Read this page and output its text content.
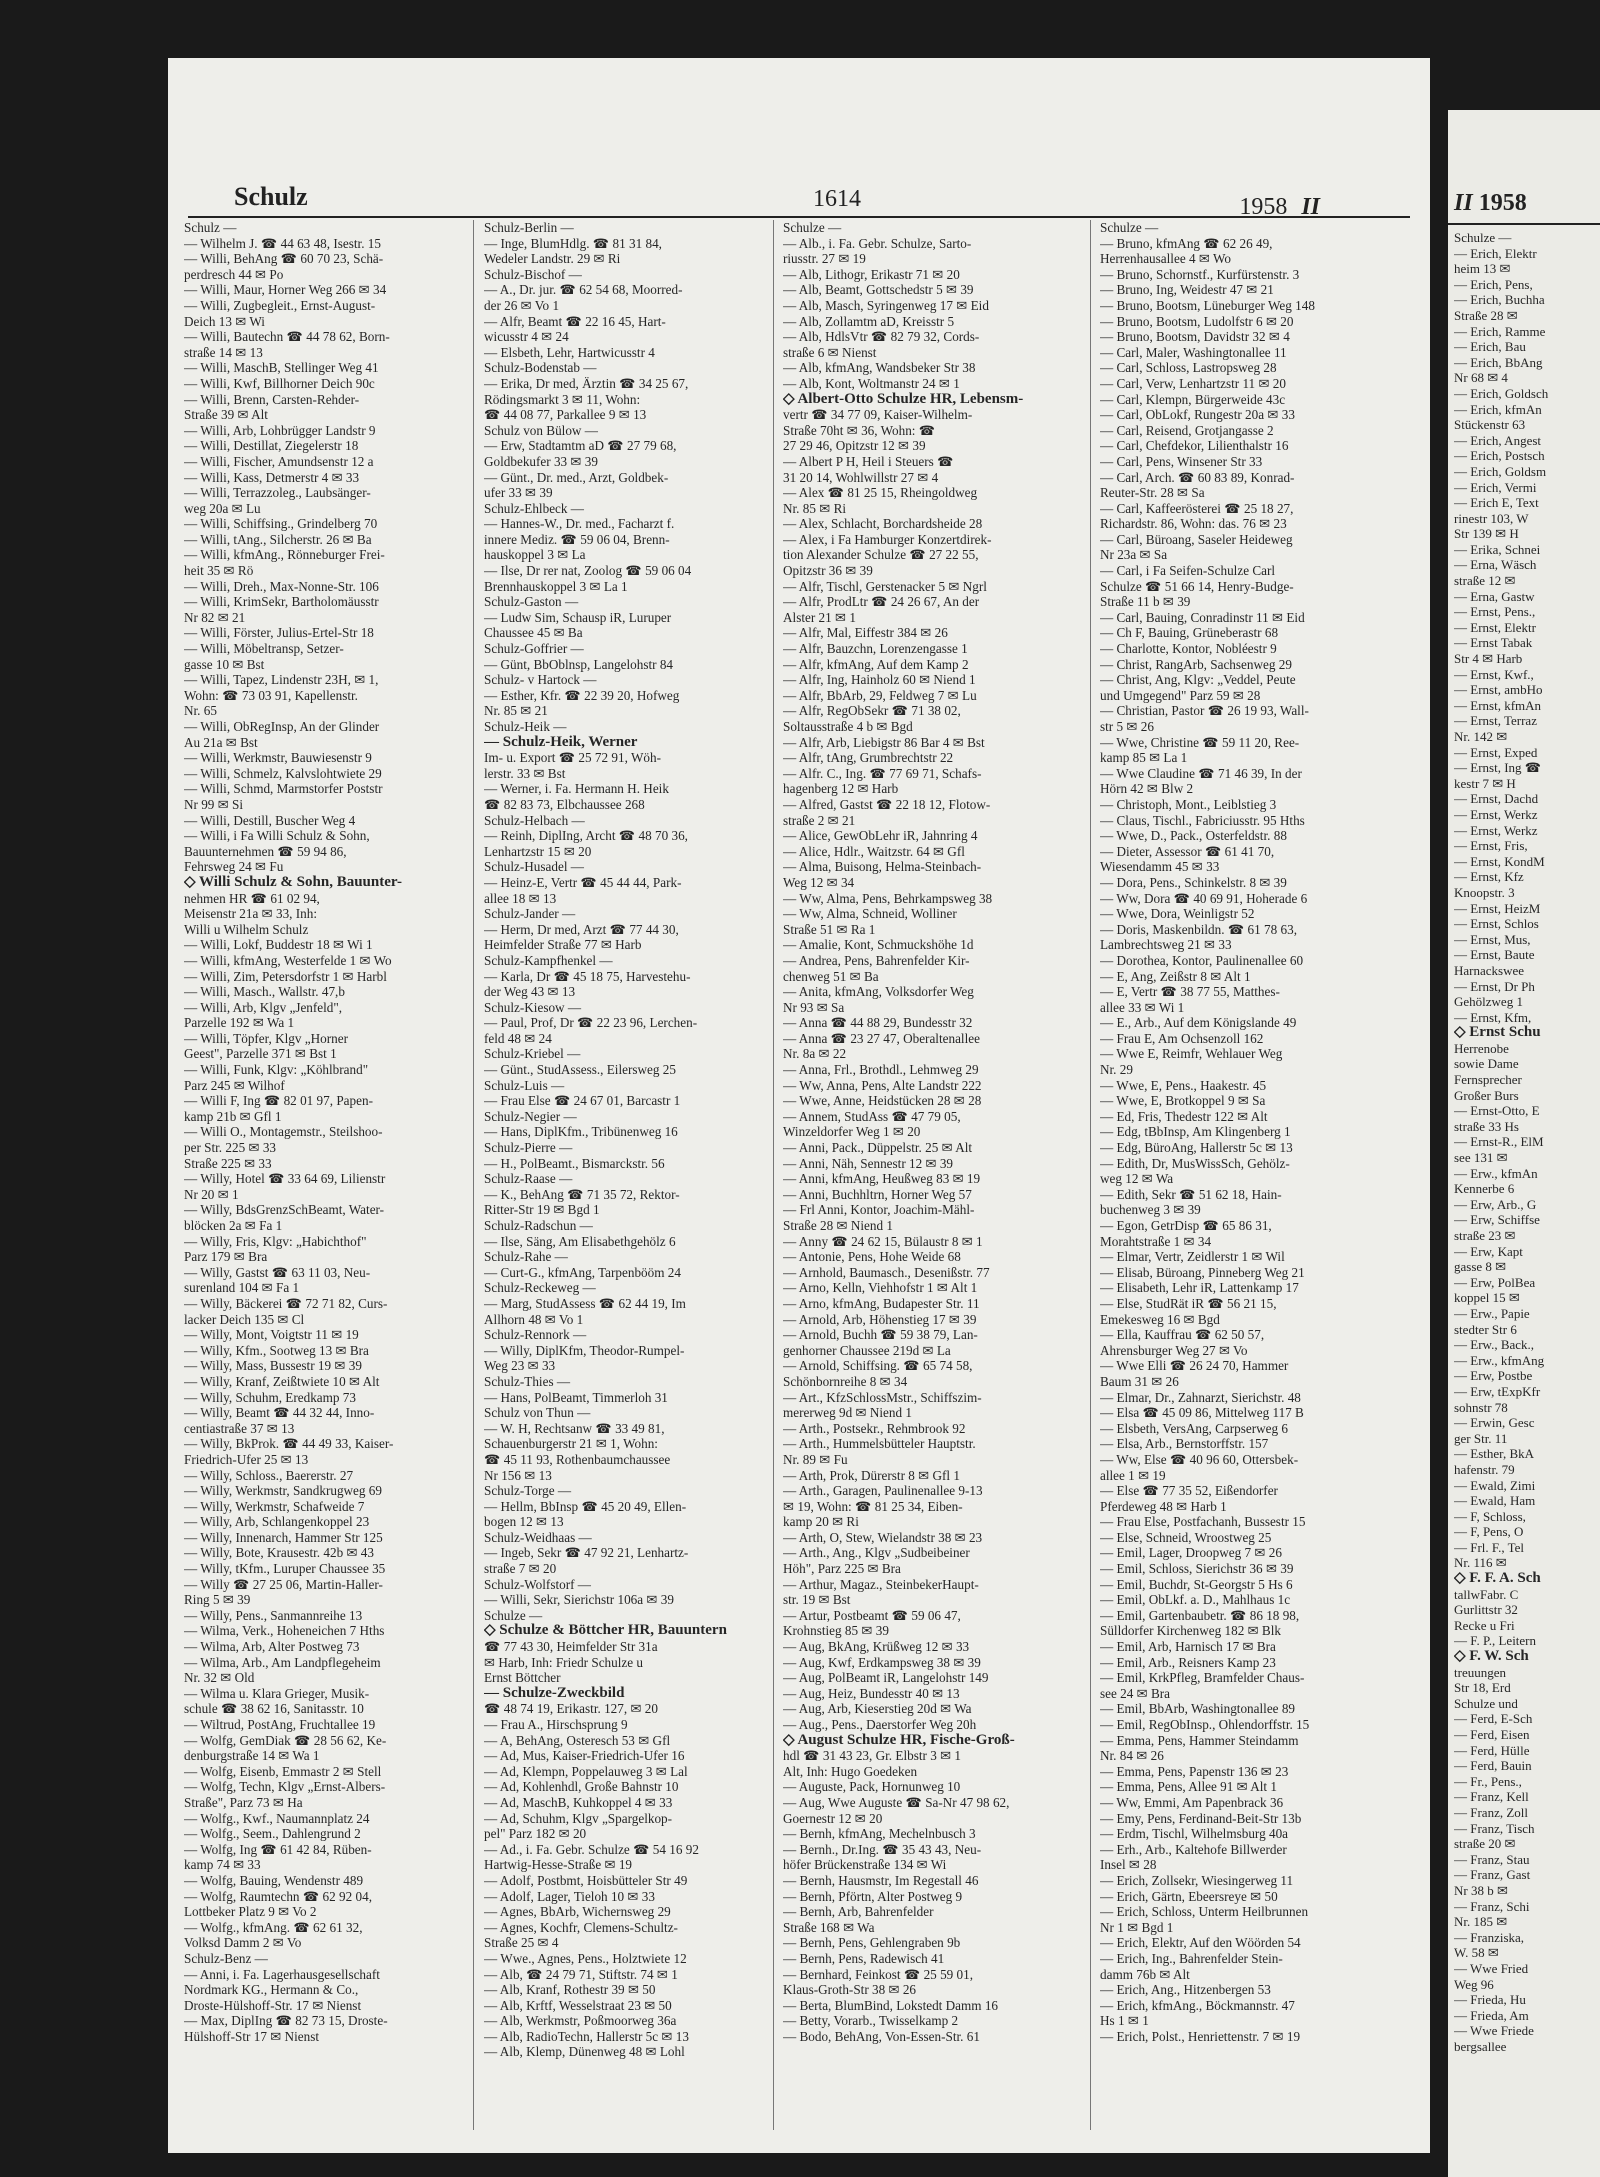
Schulz	1614	1958 II
Schulz —
— Wilhelm J. ☎ 44 63 48, Isestr. 15
— Willi, BehAng ☎ 60 70 23, Schä-
perdresch 44 ✉ Po
— Willi, Maur, Horner Weg 266 ✉ 34
— Willi, Zugbegleit., Ernst-August-
Deich 13 ✉ Wi
— Willi, Bautechn ☎ 44 78 62, Born-
straße 14 ✉ 13
— Willi, MaschB, Stellinger Weg 41
— Willi, Kwf, Billhorner Deich 90c
— Willi, Brenn, Carsten-Rehder-
Straße 39 ✉ Alt
— Willi, Arb, Lohbrügger Landstr 9
— Willi, Destillat, Ziegelerstr 18
— Willi, Fischer, Amundsenstr 12 a
— Willi, Kass, Detmerstr 4 ✉ 33
— Willi, Terrazzoleg., Laubsänger-
weg 20a ✉ Lu
— Willi, Schiffsing., Grindelberg 70
— Willi, tAng., Silcherstr. 26 ✉ Ba
— Willi, kfmAng., Rönneburger Frei-
heit 35 ✉ Rö
— Willi, Dreh., Max-Nonne-Str. 106
— Willi, KrimSekr, Bartholomäusstr
Nr 82 ✉ 21
— Willi, Förster, Julius-Ertel-Str 18
— Willi, Möbeltransp, Setzer-
gasse 10 ✉ Bst
— Willi, Tapez, Lindenstr 23H, ✉ 1,
Wohn: ☎ 73 03 91, Kapellenstr.
Nr. 65
— Willi, ObRegInsp, An der Glinder
Au 21a ✉ Bst
— Willi, Werkmstr, Bauwiesenstr 9
— Willi, Schmelz, Kalvslohtwiete 29
— Willi, Schmd, Marmstorfer Poststr
Nr 99 ✉ Si
— Willi, Destill, Buscher Weg 4
— Willi, i Fa Willi Schulz & Sohn,
Bauunternehmen ☎ 59 94 86,
Fehrsweg 24 ✉ Fu
◇ Willi Schulz & Sohn, Bauunter-
nehmen HR ☎ 61 02 94,
Meisenstr 21a ✉ 33, Inh:
Willi u Wilhelm Schulz
— Willi, Lokf, Buddestr 18 ✉ Wi 1
— Willi, kfmAng, Westerfelde 1 ✉ Wo
— Willi, Zim, Petersdorfstr 1 ✉ Harbl
— Willi, Masch., Wallstr. 47,b
— Willi, Arb, Klgv „Jenfeld",
Parzelle 192 ✉ Wa 1
— Willi, Töpfer, Klgv „Horner
Geest", Parzelle 371 ✉ Bst 1
— Willi, Funk, Klgv: „Köhlbrand"
Parz 245 ✉ Wilhof
— Willi F, Ing ☎ 82 01 97, Papen-
kamp 21b ✉ Gfl 1
— Willi O., Montagemstr., Steilshoo-
per Str. 225 ✉ 33
Straße 225 ✉ 33
— Willy, Hotel ☎ 33 64 69, Lilienstr
Nr 20 ✉ 1
— Willy, BdsGrenzSchBeamt, Water-
blöcken 2a ✉ Fa 1
— Willy, Fris, Klgv: „Habichthof"
Parz 179 ✉ Bra
— Willy, Gastst ☎ 63 11 03, Neu-
surenland 104 ✉ Fa 1
— Willy, Bäckerei ☎ 72 71 82, Curs-
lacker Deich 135 ✉ Cl
— Willy, Mont, Voigtstr 11 ✉ 19
— Willy, Kfm., Sootweg 13 ✉ Bra
— Willy, Mass, Bussestr 19 ✉ 39
— Willy, Kranf, Zeißtwiete 10 ✉ Alt
— Willy, Schuhm, Eredkamp 73
— Willy, Beamt ☎ 44 32 44, Inno-
centiastraße 37 ✉ 13
— Willy, BkProk. ☎ 44 49 33, Kaiser-
Friedrich-Ufer 25 ✉ 13
— Willy, Schloss., Baererstr. 27
— Willy, Werkmstr, Sandkrugweg 69
— Willy, Werkmstr, Schafweide 7
— Willy, Arb, Schlangenkoppel 23
— Willy, Innenarch, Hammer Str 125
— Willy, Bote, Krausestr. 42b ✉ 43
— Willy, tKfm., Luruper Chaussee 35
— Willy ☎ 27 25 06, Martin-Haller-
Ring 5 ✉ 39
— Willy, Pens., Sanmannreihe 13
— Wilma, Verk., Hoheneichen 7 Hths
— Wilma, Arb, Alter Postweg 73
— Wilma, Arb., Am Landpflegeheim
Nr. 32 ✉ Old
— Wilma u. Klara Grieger, Musik-
schule ☎ 38 62 16, Sanitasstr. 10
— Wiltrud, PostAng, Fruchtallee 19
— Wolfg, GemDiak ☎ 28 56 62, Ke-
denburgstraße 14 ✉ Wa 1
— Wolfg, Eisenb, Emmastr 2 ✉ Stell
— Wolfg, Techn, Klgv „Ernst-Albers-
Straße", Parz 73 ✉ Ha
— Wolfg., Kwf., Naumannplatz 24
— Wolfg., Seem., Dahlengrund 2
— Wolfg, Ing ☎ 61 42 84, Rüben-
kamp 74 ✉ 33
— Wolfg, Bauing, Wendenstr 489
— Wolfg, Raumtechn ☎ 62 92 04,
Lottbeker Platz 9 ✉ Vo 2
— Wolfg., kfmAng. ☎ 62 61 32,
Volksd Damm 2 ✉ Vo
Schulz-Benz —
— Anni, i. Fa. Lagerhausgesellschaft
Nordmark KG., Hermann & Co.,
Droste-Hülshoff-Str. 17 ✉ Nienst
— Max, DiplIng ☎ 82 73 15, Droste-
Hülshoff-Str 17 ✉ Nienst
Schulz-Berlin —
— Inge, BlumHdlg. ☎ 81 31 84,
Wedeler Landstr. 29 ✉ Ri
Schulz-Bischof —
— A., Dr. jur. ☎ 62 54 68, Moorred-
der 26 ✉ Vo 1
— Alfr, Beamt ☎ 22 16 45, Hart-
wicusstr 4 ✉ 24
— Elsbeth, Lehr, Hartwicusstr 4
Schulz-Bodenstab —
— Erika, Dr med, Ärztin ☎ 34 25 67,
Rödingsmarkt 3 ✉ 11, Wohn:
☎ 44 08 77, Parkallee 9 ✉ 13
Schulz von Bülow —
— Erw, Stadtamtm aD ☎ 27 79 68,
Goldbekufer 33 ✉ 39
— Günt., Dr. med., Arzt, Goldbek-
ufer 33 ✉ 39
Schulz-Ehlbeck —
— Hannes-W., Dr. med., Facharzt f.
innere Mediz. ☎ 59 06 04, Brenn-
hauskoppel 3 ✉ La
— Ilse, Dr rer nat, Zoolog ☎ 59 06 04
Brennhauskoppel 3 ✉ La 1
Schulz-Gaston —
— Ludw Sim, Schausp iR, Luruper
Chaussee 45 ✉ Ba
Schulz-Goffrier —
— Günt, BbOblnsp, Langelohstr 84
Schulz- v Hartock —
— Esther, Kfr. ☎ 22 39 20, Hofweg
Nr. 85 ✉ 21
Schulz-Heik —
— Schulz-Heik, Werner
Im- u. Export ☎ 25 72 91, Wöh-
lerstr. 33 ✉ Bst
— Werner, i. Fa. Hermann H. Heik
☎ 82 83 73, Elbchaussee 268
Schulz-Helbach —
— Reinh, DiplIng, Archt ☎ 48 70 36,
Lenhartzstr 15 ✉ 20
Schulz-Husadel —
— Heinz-E, Vertr ☎ 45 44 44, Park-
allee 18 ✉ 13
Schulz-Jander —
— Herm, Dr med, Arzt ☎ 77 44 30,
Heimfelder Straße 77 ✉ Harb
Schulz-Kampfhenkel —
— Karla, Dr ☎ 45 18 75, Harvestehu-
der Weg 43 ✉ 13
Schulz-Kiesow —
— Paul, Prof, Dr ☎ 22 23 96, Lerchen-
feld 48 ✉ 24
Schulz-Kriebel —
— Günt., StudAssess., Eilersweg 25
Schulz-Luis —
— Frau Else ☎ 24 67 01, Barcastr 1
Schulz-Negier —
— Hans, DiplKfm., Tribünenweg 16
Schulz-Pierre —
— H., PolBeamt., Bismarckstr. 56
Schulz-Raase —
— K., BehAng ☎ 71 35 72, Rektor-
Ritter-Str 19 ✉ Bgd 1
Schulz-Radschun —
— Ilse, Säng, Am Elisabethgehölz 6
Schulz-Rahe —
— Curt-G., kfmAng, Tarpenbööm 24
Schulz-Reckeweg —
— Marg, StudAssess ☎ 62 44 19, Im
Allhorn 48 ✉ Vo 1
Schulz-Rennork —
— Willy, DiplKfm, Theodor-Rumpel-
Weg 23 ✉ 33
Schulz-Thies —
— Hans, PolBeamt, Timmerloh 31
Schulz von Thun —
— W. H, Rechtsanw ☎ 33 49 81,
Schauenburgerstr 21 ✉ 1, Wohn:
☎ 45 11 93, Rothenbaumchaussee
Nr 156 ✉ 13
Schulz-Torge —
— Hellm, BbInsp ☎ 45 20 49, Ellen-
bogen 12 ✉ 13
Schulz-Weidhaas —
— Ingeb, Sekr ☎ 47 92 21, Lenhartz-
straße 7 ✉ 20
Schulz-Wolfstorf —
— Willi, Sekr, Sierichstr 106a ✉ 39
Schulze —
◇ Schulze & Böttcher HR, Bauuntern
☎ 77 43 30, Heimfelder Str 31a
✉ Harb, Inh: Friedr Schulze u
Ernst Böttcher
— Schulze-Zweckbild
☎ 48 74 19, Erikastr. 127, ✉ 20
— Frau A., Hirschsprung 9
— A, BehAng, Osteresch 53 ✉ Gfl
— Ad, Mus, Kaiser-Friedrich-Ufer 16
— Ad, Klempn, Poppelauweg 3 ✉ Lal
— Ad, Kohlenhdl, Große Bahnstr 10
— Ad, MaschB, Kuhkoppel 4 ✉ 33
— Ad, Schuhm, Klgv „Spargelkop-
pel" Parz 182 ✉ 20
— Ad., i. Fa. Gebr. Schulze ☎ 54 16 92
Hartwig-Hesse-Straße ✉ 19
— Adolf, Postbmt, Hoisbütteler Str 49
— Adolf, Lager, Tieloh 10 ✉ 33
— Agnes, BbArb, Wichernsweg 29
— Agnes, Kochfr, Clemens-Schultz-
Straße 25 ✉ 4
— Wwe., Agnes, Pens., Holztwiete 12
— Alb, ☎ 24 79 71, Stiftstr. 74 ✉ 1
— Alb, Kranf, Rothestr 39 ✉ 50
— Alb, Krftf, Wesselstraat 23 ✉ 50
— Alb, Werkmstr, Poßmoorweg 36a
— Alb, RadioTechn, Hallerstr 5c ✉ 13
— Alb, Klemp, Dünenweg 48 ✉ Lohl
Schulze —
— Alb., i. Fa. Gebr. Schulze, Sarto-
riusstr. 27 ✉ 19
— Alb, Lithogr, Erikastr 71 ✉ 20
— Alb, Beamt, Gottschedstr 5 ✉ 39
— Alb, Masch, Syringenweg 17 ✉ Eid
— Alb, Zollamtm aD, Kreisstr 5
— Alb, HdlsVtr ☎ 82 79 32, Cords-
straße 6 ✉ Nienst
— Alb, kfmAng, Wandsbeker Str 38
— Alb, Kont, Woltmanstr 24 ✉ 1
◇ Albert-Otto Schulze HR, Lebensm-
vertr ☎ 34 77 09, Kaiser-Wilhelm-
Straße 70ht ✉ 36, Wohn: ☎
27 29 46, Opitzstr 12 ✉ 39
— Albert P H, Heil i Steuers ☎
31 20 14, Wohlwillstr 27 ✉ 4
— Alex ☎ 81 25 15, Rheingoldweg
Nr. 85 ✉ Ri
— Alex, Schlacht, Borchardsheide 28
— Alex, i Fa Hamburger Konzertdirek-
tion Alexander Schulze ☎ 27 22 55,
Opitzstr 36 ✉ 39
— Alfr, Tischl, Gerstenacker 5 ✉ Ngrl
— Alfr, ProdLtr ☎ 24 26 67, An der
Alster 21 ✉ 1
— Alfr, Mal, Eiffestr 384 ✉ 26
— Alfr, Bauzchn, Lorenzengasse 1
— Alfr, kfmAng, Auf dem Kamp 2
— Alfr, Ing, Hainholz 60 ✉ Niend 1
— Alfr, BbArb, 29, Feldweg 7 ✉ Lu
— Alfr, RegObSekr ☎ 71 38 02,
Soltausstraße 4 b ✉ Bgd
— Alfr, Arb, Liebigstr 86 Bar 4 ✉ Bst
— Alfr, tAng, Grumbrechtstr 22
— Alfr. C., Ing. ☎ 77 69 71, Schafs-
hagenberg 12 ✉ Harb
— Alfred, Gastst ☎ 22 18 12, Flotow-
straße 2 ✉ 21
— Alice, GewObLehr iR, Jahnring 4
— Alice, Hdlr., Waitzstr. 64 ✉ Gfl
— Alma, Buisong, Helma-Steinbach-
Weg 12 ✉ 34
— Ww, Alma, Pens, Behrkampsweg 38
— Ww, Alma, Schneid, Wolliner
Straße 51 ✉ Ra 1
— Amalie, Kont, Schmuckshöhe 1d
— Andrea, Pens, Bahrenfelder Kir-
chenweg 51 ✉ Ba
— Anita, kfmAng, Volksdorfer Weg
Nr 93 ✉ Sa
— Anna ☎ 44 88 29, Bundesstr 32
— Anna ☎ 23 27 47, Oberaltenallee
Nr. 8a ✉ 22
— Anna, Frl., Brothdl., Lehmweg 29
— Ww, Anna, Pens, Alte Landstr 222
— Wwe, Anne, Heidstücken 28 ✉ 28
— Annem, StudAss ☎ 47 79 05,
Winzeldorfer Weg 1 ✉ 20
— Anni, Pack., Düppelstr. 25 ✉ Alt
— Anni, Näh, Sennestr 12 ✉ 39
— Anni, kfmAng, Heußweg 83 ✉ 19
— Anni, Buchhltrn, Horner Weg 57
— Frl Anni, Kontor, Joachim-Mähl-
Straße 28 ✉ Niend 1
— Anny ☎ 24 62 15, Bülaustr 8 ✉ 1
— Antonie, Pens, Hohe Weide 68
— Arnhold, Baumasch., Desenißstr. 77
— Arno, Kelln, Viehhofstr 1 ✉ Alt 1
— Arno, kfmAng, Budapester Str. 11
— Arnold, Arb, Höhenstieg 17 ✉ 39
— Arnold, Buchh ☎ 59 38 79, Lan-
genhorner Chaussee 219d ✉ La
— Arnold, Schiffsing. ☎ 65 74 58,
Schönbornreihe 8 ✉ 34
— Art., KfzSchlossMstr., Schiffszim-
mererweg 9d ✉ Niend 1
— Arth., Postsekr., Rehmbrook 92
— Arth., Hummelsbütteler Hauptstr.
Nr. 89 ✉ Fu
— Arth, Prok, Dürerstr 8 ✉ Gfl 1
— Arth., Garagen, Paulinenallee 9-13
✉ 19, Wohn: ☎ 81 25 34, Eiben-
kamp 20 ✉ Ri
— Arth, O, Stew, Wielandstr 38 ✉ 23
— Arth., Ang., Klgv „Sudbeibeiner
Höh", Parz 225 ✉ Bra
— Arthur, Magaz., SteinbekerHaupt-
str. 19 ✉ Bst
— Artur, Postbeamt ☎ 59 06 47,
Krohnstieg 85 ✉ 39
— Aug, BkAng, Krüßweg 12 ✉ 33
— Aug, Kwf, Erdkampsweg 38 ✉ 39
— Aug, PolBeamt iR, Langelohstr 149
— Aug, Heiz, Bundesstr 40 ✉ 13
— Aug, Arb, Kieserstieg 20d ✉ Wa
— Aug., Pens., Daerstorfer Weg 20h
◇ August Schulze HR, Fische-Groß-
hdl ☎ 31 43 23, Gr. Elbstr 3 ✉ 1
Alt, Inh: Hugo Goedeken
— Auguste, Pack, Hornunweg 10
— Aug, Wwe Auguste ☎ Sa-Nr 47 98 62,
Goernestr 12 ✉ 20
— Bernh, kfmAng, Mechelnbusch 3
— Bernh., Dr.Ing. ☎ 35 43 43, Neu-
höfer Brückenstraße 134 ✉ Wi
— Bernh, Hausmstr, Im Regestall 46
— Bernh, Pförtn, Alter Postweg 9
— Bernh, Arb, Bahrenfelder
Straße 168 ✉ Wa
— Bernh, Pens, Gehlengraben 9b
— Bernh, Pens, Radewisch 41
— Bernhard, Feinkost ☎ 25 59 01,
Klaus-Groth-Str 38 ✉ 26
— Berta, BlumBind, Lokstedt Damm 16
— Betty, Vorarb., Twisselkamp 2
— Bodo, BehAng, Von-Essen-Str. 61
Schulze —
— Bruno, kfmAng ☎ 62 26 49,
Herrenhausallee 4 ✉ Wo
— Bruno, Schornstf., Kurfürstenstr. 3
— Bruno, Ing, Weidestr 47 ✉ 21
— Bruno, Bootsm, Lüneburger Weg 148
— Bruno, Bootsm, Ludolfstr 6 ✉ 20
— Bruno, Bootsm, Davidstr 32 ✉ 4
— Carl, Maler, Washingtonallee 11
— Carl, Schloss, Lastropsweg 28
— Carl, Verw, Lenhartzstr 11 ✉ 20
— Carl, Klempn, Bürgerweide 43c
— Carl, ObLokf, Rungestr 20a ✉ 33
— Carl, Reisend, Grotjangasse 2
— Carl, Chefdekor, Lilienthalstr 16
— Carl, Pens, Winsener Str 33
— Carl, Arch. ☎ 60 83 89, Konrad-
Reuter-Str. 28 ✉ Sa
— Carl, Kaffeerösterei ☎ 25 18 27,
Richardstr. 86, Wohn: das. 76 ✉ 23
— Carl, Büroang, Saseler Heideweg
Nr 23a ✉ Sa
— Carl, i Fa Seifen-Schulze Carl
Schulze ☎ 51 66 14, Henry-Budge-
Straße 11 b ✉ 39
— Carl, Bauing, Conradinstr 11 ✉ Eid
— Ch F, Bauing, Grüneberastr 68
— Charlotte, Kontor, Nobléestr 9
— Christ, RangArb, Sachsenweg 29
— Christ, Ang, Klgv: „Veddel, Peute
und Umgegend" Parz 59 ✉ 28
— Christian, Pastor ☎ 26 19 93, Wall-
str 5 ✉ 26
— Wwe, Christine ☎ 59 11 20, Ree-
kamp 85 ✉ La 1
— Wwe Claudine ☎ 71 46 39, In der
Hörn 42 ✉ Blw 2
— Christoph, Mont., Leiblstieg 3
— Claus, Tischl., Fabriciusstr. 95 Hths
— Wwe, D., Pack., Osterfeldstr. 88
— Dieter, Assessor ☎ 61 41 70,
Wiesendamm 45 ✉ 33
— Dora, Pens., Schinkelstr. 8 ✉ 39
— Ww, Dora ☎ 40 69 91, Hoherade 6
— Wwe, Dora, Weinligstr 52
— Doris, Maskenbildn. ☎ 61 78 63,
Lambrechtsweg 21 ✉ 33
— Dorothea, Kontor, Paulinenallee 60
— E, Ang, Zeißstr 8 ✉ Alt 1
— E, Vertr ☎ 38 77 55, Matthes-
allee 33 ✉ Wi 1
— E., Arb., Auf dem Königslande 49
— Frau E, Am Ochsenzoll 162
— Wwe E, Reimfr, Wehlauer Weg
Nr. 29
— Wwe, E, Pens., Haakestr. 45
— Wwe, E, Brotkoppel 9 ✉ Sa
— Ed, Fris, Thedestr 122 ✉ Alt
— Edg, tBbInsp, Am Klingenberg 1
— Edg, BüroAng, Hallerstr 5c ✉ 13
— Edith, Dr, MusWissSch, Gehölz-
weg 12 ✉ Wa
— Edith, Sekr ☎ 51 62 18, Hain-
buchenweg 3 ✉ 39
— Egon, GetrDisp ☎ 65 86 31,
Morahtstraße 1 ✉ 34
— Elmar, Vertr, Zeidlerstr 1 ✉ Wil
— Elisab, Büroang, Pinneberg Weg 21
— Elisabeth, Lehr iR, Lattenkamp 17
— Else, StudRät iR ☎ 56 21 15,
Emekesweg 16 ✉ Bgd
— Ella, Kauffrau ☎ 62 50 57,
Ahrensburger Weg 27 ✉ Vo
— Wwe Elli ☎ 26 24 70, Hammer
Baum 31 ✉ 26
— Elmar, Dr., Zahnarzt, Sierichstr. 48
— Elsa ☎ 45 09 86, Mittelweg 117 B
— Elsbeth, VersAng, Carpserweg 6
— Elsa, Arb., Bernstorffstr. 157
— Ww, Else ☎ 40 96 60, Ottersbek-
allee 1 ✉ 19
— Else ☎ 77 35 52, Eißendorfer
Pferdeweg 48 ✉ Harb 1
— Frau Else, Postfachanh, Bussestr 15
— Else, Schneid, Wroostweg 25
— Emil, Lager, Droopweg 7 ✉ 26
— Emil, Schloss, Sierichstr 36 ✉ 39
— Emil, Buchdr, St-Georgstr 5 Hs 6
— Emil, ObLkf. a. D., Mahlhaus 1c
— Emil, Gartenbaubetr. ☎ 86 18 98,
Sülldorfer Kirchenweg 182 ✉ Blk
— Emil, Arb, Harnisch 17 ✉ Bra
— Emil, Arb., Reisners Kamp 23
— Emil, KrkPfleg, Bramfelder Chaus-
see 24 ✉ Bra
— Emil, BbArb, Washingtonallee 89
— Emil, RegObInsp., Ohlendorffstr. 15
— Emma, Pens, Hammer Steindamm
Nr. 84 ✉ 26
— Emma, Pens, Papenstr 136 ✉ 23
— Emma, Pens, Allee 91 ✉ Alt 1
— Ww, Emmi, Am Papenbrack 36
— Emy, Pens, Ferdinand-Beit-Str 13b
— Erdm, Tischl, Wilhelmsburg 40a
— Erh., Arb., Kaltehofe Billwerder
Insel ✉ 28
— Erich, Zollsekr, Wiesingerweg 11
— Erich, Gärtn, Ebeersreye ✉ 50
— Erich, Schloss, Unterm Heilbrunnen
Nr 1 ✉ Bgd 1
— Erich, Elektr, Auf den Wöörden 54
— Erich, Ing., Bahrenfelder Stein-
damm 76b ✉ Alt
— Erich, Ang., Hitzenbergen 53
— Erich, kfmAng., Böckmannstr. 47
Hs 1 ✉ 1
— Erich, Polst., Henriettenstr. 7 ✉ 19
II 1958
Schulze —
— Erich, Elektr
heim 13 ✉
— Erich, Pens,
— Erich, Buchha
Straße 28 ✉
— Erich, Ramme
— Erich, Bau
— Erich, BbAng
Nr 68 ✉ 4
— Erich, Goldsch
— Erich, kfmAn
Stückenstr 63
— Erich, Angest
— Erich, Postsch
— Erich, Goldsm
— Erich, Vermi
— Erich E, Text
rinestr 103, W
Str 139 ✉ H
— Erika, Schnei
— Erna, Wäsch
straße 12 ✉
— Erna, Gastw
— Ernst, Pens.,
— Ernst, Elektr
— Ernst Tabak
Str 4 ✉ Harb
— Ernst, Kwf.,
— Ernst, ambHo
— Ernst, kfmAn
— Ernst, Terraz
Nr. 142 ✉
— Ernst, Exped
— Ernst, Ing ☎
kestr 7 ✉ H
— Ernst, Dachd
— Ernst, Werkz
— Ernst, Werkz
— Ernst, Fris,
— Ernst, KondM
— Ernst, Kfz
Knoopstr. 3
— Ernst, HeizM
— Ernst, Schlos
— Ernst, Mus,
— Ernst, Baute
Harnackswee
— Ernst, Dr Ph
Gehölzweg 1
— Ernst, Kfm,
◇ Ernst Schu
Herrenobe
sowie Dame
Fernsprecher
Großer Burs
— Ernst-Otto, E
straße 33 Hs
— Ernst-R., ElM
see 131 ✉
— Erw., kfmAn
Kennerbe 6
— Erw, Arb., G
— Erw, Schiffse
straße 23 ✉
— Erw, Kapt
gasse 8 ✉
— Erw, PolBea
koppel 15 ✉
— Erw., Papie
stedter Str 6
— Erw., Back.,
— Erw., kfmAng
— Erw, Postbe
— Erw, tExpKfr
sohnstr 78
— Erwin, Gesc
ger Str. 11
— Esther, BkA
hafenstr. 79
— Ewald, Zimi
— Ewald, Ham
— F, Schloss,
— F, Pens, O
— Frl. F., Tel
Nr. 116 ✉
◇ F. F. A. Sch
tallwFabr. C
Gurlittstr 32
Recke u Fri
— F. P., Leitern
◇ F. W. Sch
treuungen
Str 18, Erd
Schulze und
— Ferd, E-Sch
— Ferd, Eisen
— Ferd, Hülle
— Ferd, Bauin
— Fr., Pens.,
— Franz, Kell
— Franz, Zoll
— Franz, Tisch
straße 20 ✉
— Franz, Stau
— Franz, Gast
Nr 38 b ✉
— Franz, Schi
Nr. 185 ✉
— Franziska,
W. 58 ✉
— Wwe Fried
Weg 96
— Frieda, Hu
— Frieda, Am
— Wwe Friede
bergsallee
